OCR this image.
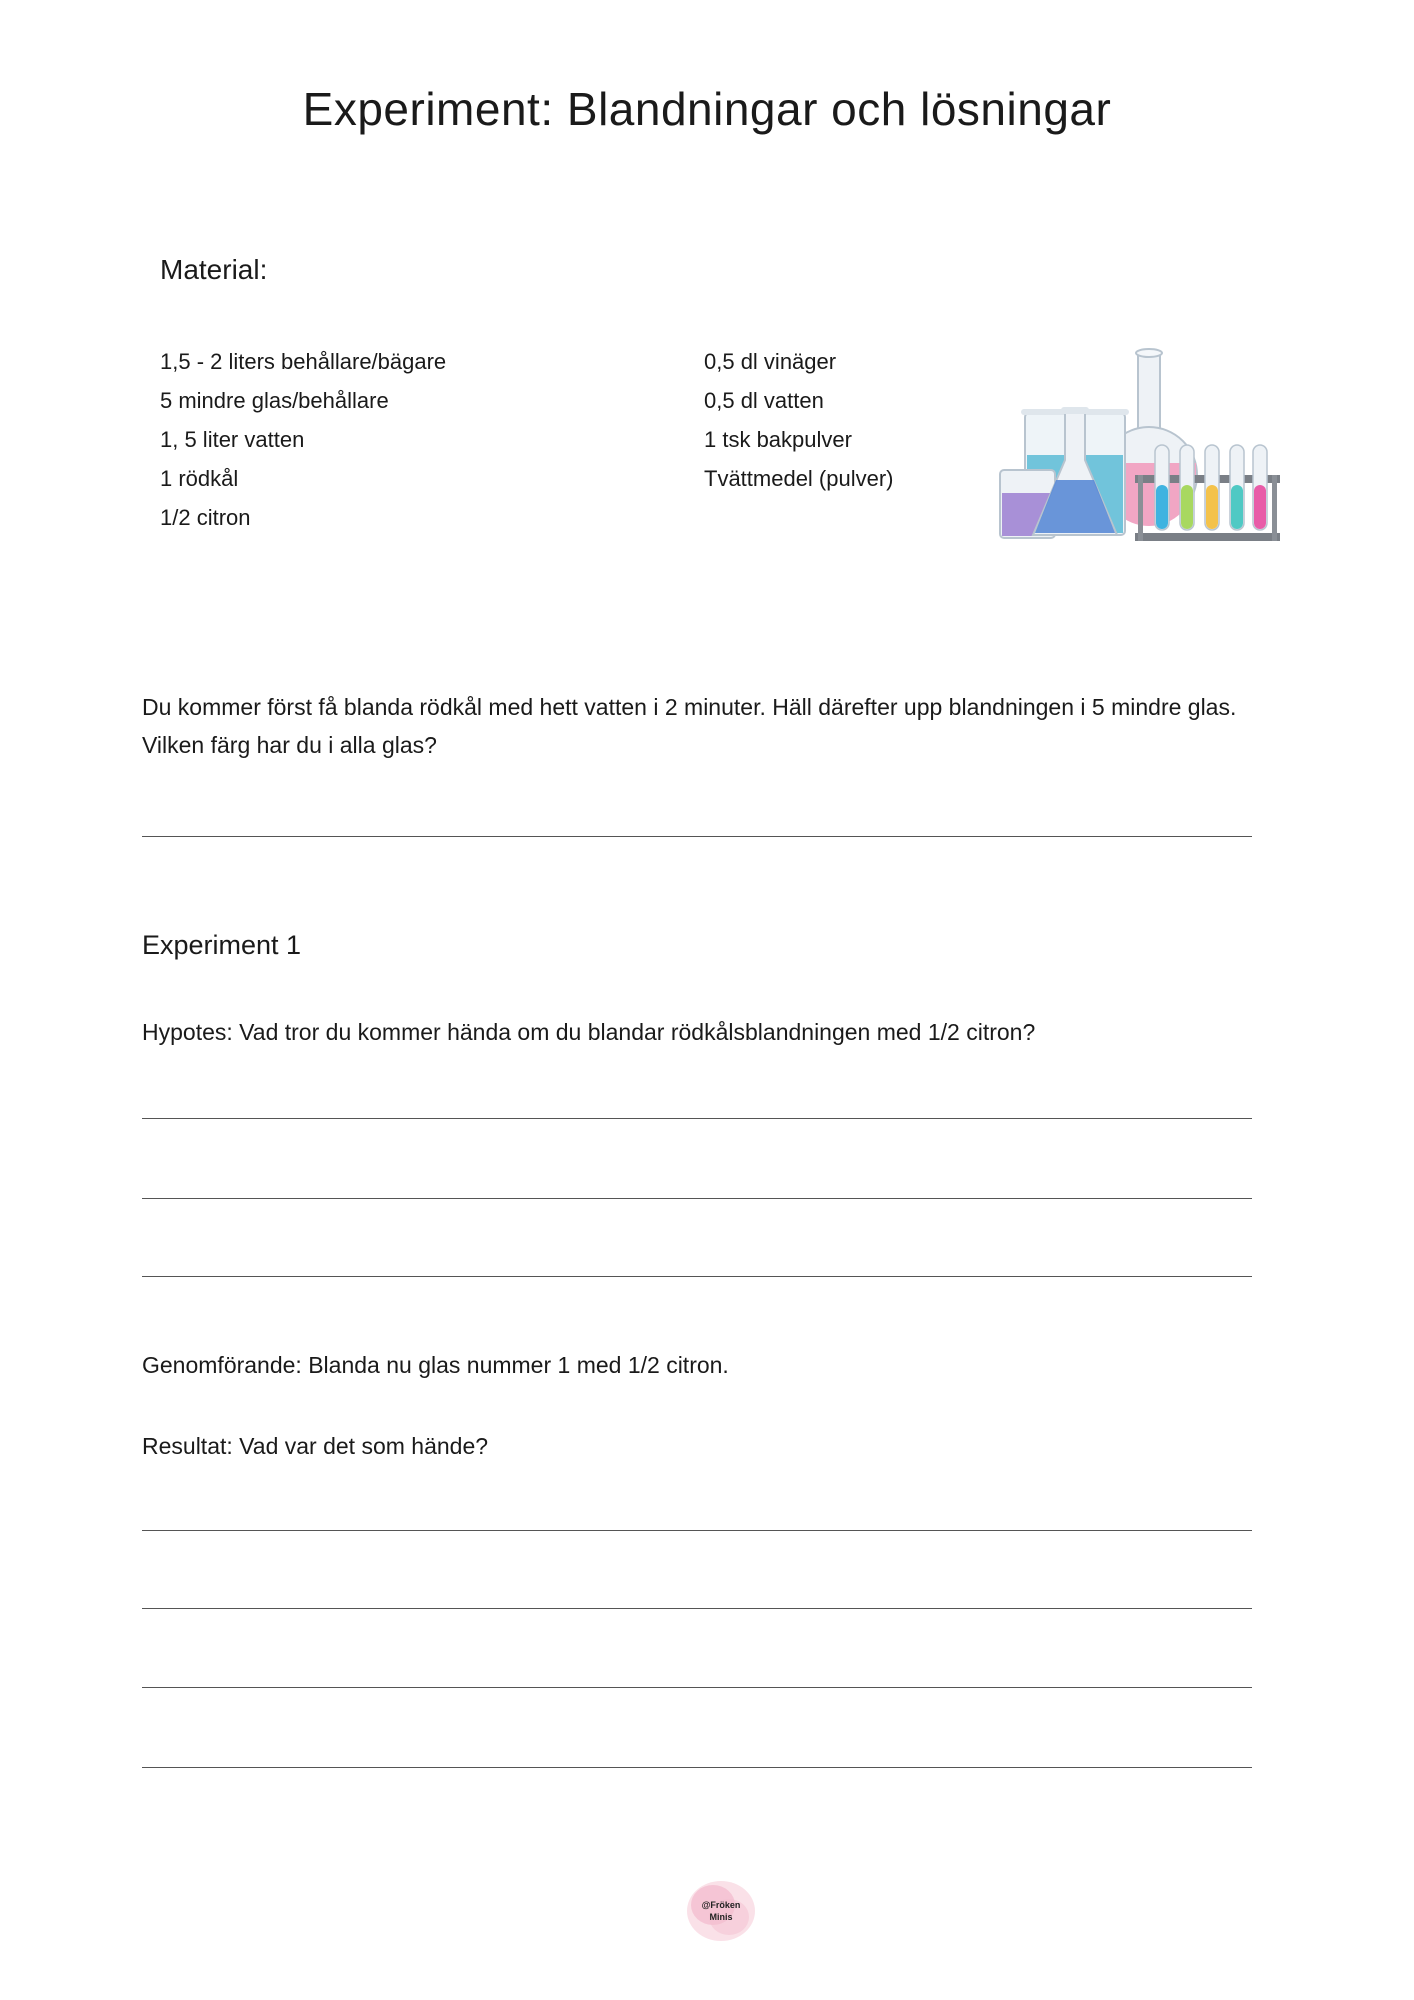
Experiment: Blandningar och lösningar
Material:
1,5 - 2 liters behållare/bägare
5 mindre glas/behållare
1, 5 liter vatten
1 rödkål
1/2 citron
0,5 dl vinäger
0,5 dl vatten
1 tsk bakpulver
Tvättmedel (pulver)

Du kommer först få blanda rödkål med hett vatten i 2 minuter. Häll därefter upp blandningen i 5 mindre glas. Vilken färg har du i alla glas?

Experiment 1

Hypotes: Vad tror du kommer hända om du blandar rödkålsblandningen med 1/2 citron?

Genomförande: Blanda nu glas nummer 1 med 1/2 citron.

Resultat: Vad var det som hände?

@Fröken
Minis
